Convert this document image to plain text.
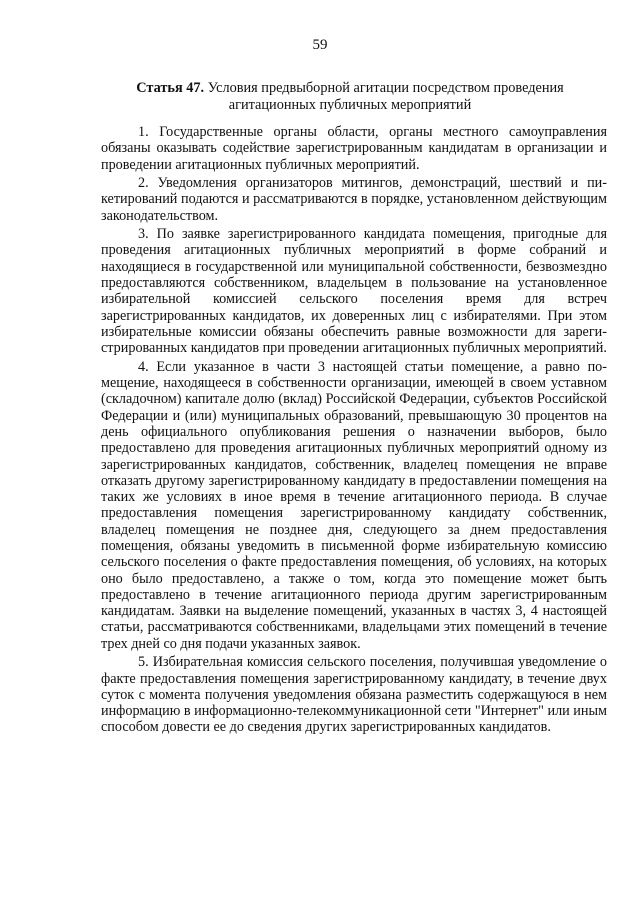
59
Статья 47. Условия предвыборной агитации посредством проведения агитационных публичных мероприятий

1. Государственные органы области, органы местного самоуправления обязаны оказывать содействие зарегистрированным кандидатам в организации и проведении агитационных публичных мероприятий.

2. Уведомления организаторов митингов, демонстраций, шествий и пикетирований подаются и рассматриваются в порядке, установленном действующим законодательством.

3. По заявке зарегистрированного кандидата помещения, пригодные для проведения агитационных публичных мероприятий в форме собраний и находящиеся в государственной или муниципальной собственности, безвозмездно предоставляются собственником, владельцем в пользование на установленное избирательной комиссией сельского поселения время для встреч зарегистрированных кандидатов, их доверенных лиц с избирателями. При этом избирательные комиссии обязаны обеспечить равные возможности для зарегистрированных кандидатов при проведении агитационных публичных мероприятий.

4. Если указанное в части 3 настоящей статьи помещение, а равно помещение, находящееся в собственности организации, имеющей в своем уставном (складочном) капитале долю (вклад) Российской Федерации, субъектов Российской Федерации и (или) муниципальных образований, превышающую 30 процентов на день официального опубликования решения о назначении выборов, было предоставлено для проведения агитационных публичных мероприятий одному из зарегистрированных кандидатов, собственник, владелец помещения не вправе отказать другому зарегистрированному кандидату в предоставлении помещения на таких же условиях в иное время в течение агитационного периода. В случае предоставления помещения зарегистрированному кандидату собственник, владелец помещения не позднее дня, следующего за днем предоставления помещения, обязаны уведомить в письменной форме избирательную комиссию сельского поселения о факте предоставления помещения, об условиях, на которых оно было предоставлено, а также о том, когда это помещение может быть предоставлено в течение агитационного периода другим зарегистрированным кандидатам. Заявки на выделение помещений, указанных в частях 3, 4 настоящей статьи, рассматриваются собственниками, владельцами этих помещений в течение трех дней со дня подачи указанных заявок.

5. Избирательная комиссия сельского поселения, получившая уведомление о факте предоставления помещения зарегистрированному кандидату, в течение двух суток с момента получения уведомления обязана разместить содержащуюся в нем информацию в информационно-телекоммуникационной сети "Интернет" или иным способом довести ее до сведения других зарегистрированных кандидатов.
